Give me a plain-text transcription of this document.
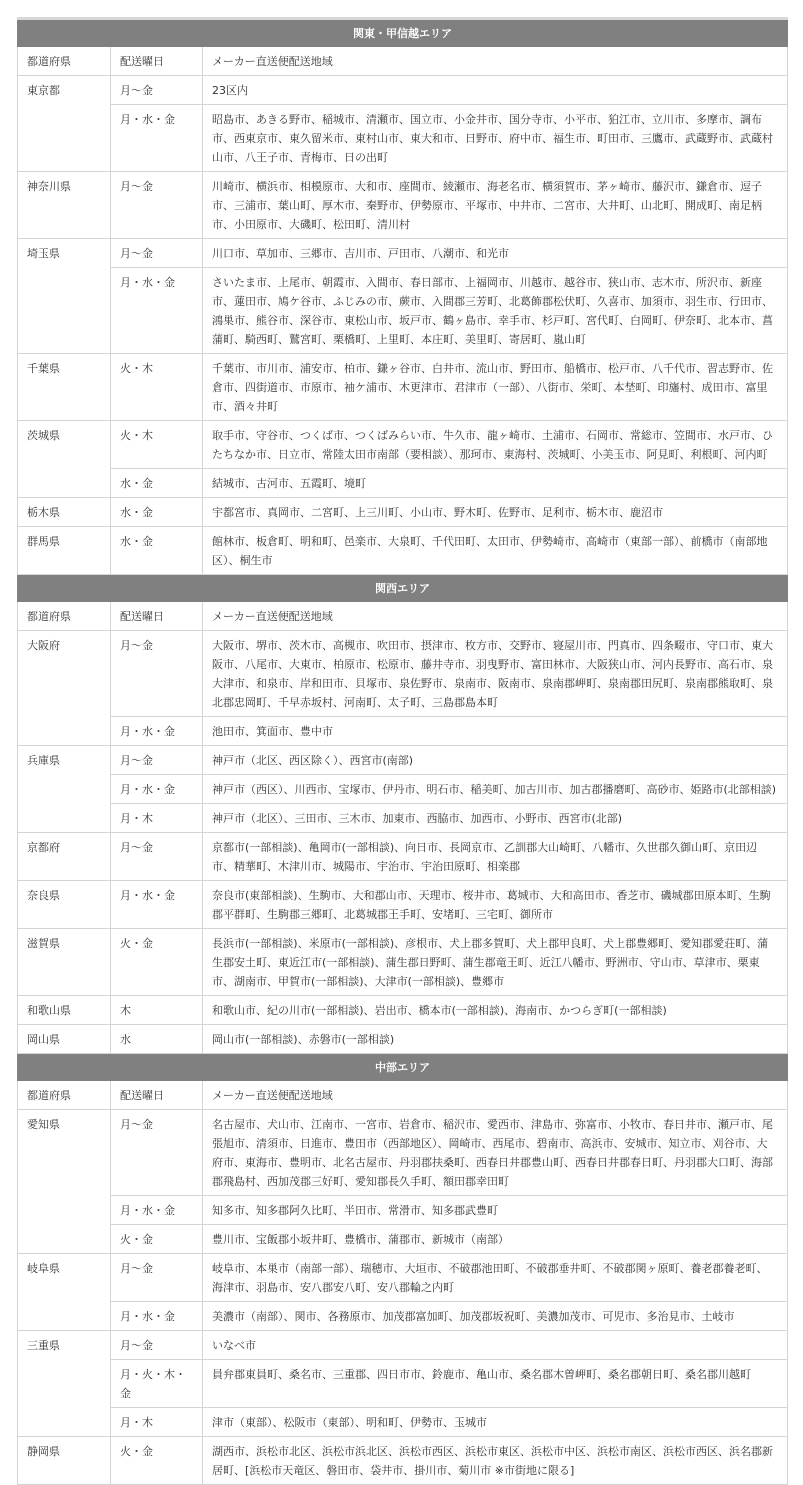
関東・甲信越エリア		
都道府県	配送曜日	メーカー直送便配送地域
東京都	月～金	23区内
	月・水・金	昭島市、あきる野市、稲城市、清瀬市、国立市、小金井市、国分寺市、小平市、狛江市、立川市、多摩市、調布市、西東京市、東久留米市、東村山市、東大和市、日野市、府中市、福生市、町田市、三鷹市、武蔵野市、武蔵村山市、八王子市、青梅市、日の出町
神奈川県	月～金	川崎市、横浜市、相模原市、大和市、座間市、綾瀬市、海老名市、横須賀市、茅ヶ崎市、藤沢市、鎌倉市、逗子市、三浦市、葉山町、厚木市、秦野市、伊勢原市、平塚市、中井市、二宮市、大井町、山北町、開成町、南足柄市、小田原市、大磯町、松田町、清川村
埼玉県	月～金	川口市、草加市、三郷市、吉川市、戸田市、八潮市、和光市
	月・水・金	さいたま市、上尾市、朝霞市、入間市、春日部市、上福岡市、川越市、越谷市、狭山市、志木市、所沢市、新座市、蓮田市、鳩ケ谷市、ふじみの市、蕨市、入間郡三芳町、北葛飾郡松伏町、久喜市、加須市、羽生市、行田市、鴻巣市、熊谷市、深谷市、東松山市、坂戸市、鶴ヶ島市、幸手市、杉戸町、宮代町、白岡町、伊奈町、北本市、菖蒲町、騎西町、鷲宮町、栗橋町、上里町、本庄町、美里町、寄居町、嵐山町
千葉県	火・木	千葉市、市川市、浦安市、柏市、鎌ヶ谷市、白井市、流山市、野田市、船橋市、松戸市、八千代市、習志野市、佐倉市、四街道市、市原市、袖ケ浦市、木更津市、君津市（一部）、八街市、栄町、本埜町、印旛村、成田市、富里市、酒々井町
茨城県	火・木	取手市、守谷市、つくば市、つくばみらい市、牛久市、龍ヶ崎市、土浦市、石岡市、常総市、笠間市、水戸市、ひたちなか市、日立市、常陸太田市南部（要相談）、那珂市、東海村、茨城町、小美玉市、阿見町、利根町、河内町
	水・金	結城市、古河市、五霞町、境町
栃木県	水・金	宇都宮市、真岡市、二宮町、上三川町、小山市、野木町、佐野市、足利市、栃木市、鹿沼市
群馬県	水・金	館林市、板倉町、明和町、邑楽市、大泉町、千代田町、太田市、伊勢崎市、高崎市（東部一部）、前橋市（南部地区）、桐生市
関西エリア		
都道府県	配送曜日	メーカー直送便配送地域
大阪府	月～金	大阪市、堺市、茨木市、高槻市、吹田市、摂津市、枚方市、交野市、寝屋川市、門真市、四条畷市、守口市、東大阪市、八尾市、大東市、柏原市、松原市、藤井寺市、羽曳野市、富田林市、大阪狭山市、河内長野市、高石市、泉大津市、和泉市、岸和田市、貝塚市、泉佐野市、泉南市、阪南市、泉南郡岬町、泉南郡田尻町、泉南郡熊取町、泉北郡忠岡町、千早赤坂村、河南町、太子町、三島郡島本町
	月・水・金	池田市、箕面市、豊中市
兵庫県	月～金	神戸市（北区、西区除く）、西宮市(南部)
	月・水・金	神戸市（西区）、川西市、宝塚市、伊丹市、明石市、稲美町、加古川市、加古郡播磨町、高砂市、姫路市(北部相談)
	月・木	神戸市（北区）、三田市、三木市、加東市、西脇市、加西市、小野市、西宮市(北部)
京都府	月～金	京都市(一部相談)、亀岡市(一部相談)、向日市、長岡京市、乙訓郡大山崎町、八幡市、久世郡久御山町、京田辺市、精華町、木津川市、城陽市、宇治市、宇治田原町、相楽郡
奈良県	月・水・金	奈良市(東部相談)、生駒市、大和郡山市、天理市、桜井市、葛城市、大和高田市、香芝市、磯城郡田原本町、生駒郡平群町、生駒郡三郷町、北葛城郡王手町、安堵町、三宅町、御所市
滋賀県	火・金	長浜市(一部相談)、米原市(一部相談)、彦根市、犬上郡多賀町、犬上郡甲良町、犬上郡豊郷町、愛知郡愛荘町、蒲生郡安土町、東近江市(一部相談)、蒲生郡日野町、蒲生郡竜王町、近江八幡市、野洲市、守山市、草津市、栗東市、湖南市、甲賀市(一部相談)、大津市(一部相談)、豊郷市
和歌山県	木	和歌山市、紀の川市(一部相談)、岩出市、橋本市(一部相談)、海南市、かつらぎ町(一部相談)
岡山県	水	岡山市(一部相談)、赤磐市(一部相談)
中部エリア		
都道府県	配送曜日	メーカー直送便配送地域
愛知県	月～金	名古屋市、犬山市、江南市、一宮市、岩倉市、稲沢市、愛西市、津島市、弥富市、小牧市、春日井市、瀬戸市、尾張旭市、清須市、日進市、豊田市（西部地区）、岡崎市、西尾市、碧南市、高浜市、安城市、知立市、刈谷市、大府市、東海市、豊明市、北名古屋市、丹羽郡扶桑町、西春日井郡豊山町、西春日井郡春日町、丹羽郡大口町、海部郡飛島村、西加茂郡三好町、愛知郡長久手町、額田郡幸田町
	月・水・金	知多市、知多郡阿久比町、半田市、常滑市、知多郡武豊町
	火・金	豊川市、宝飯郡小坂井町、豊橋市、蒲郡市、新城市（南部）
岐阜県	月～金	岐阜市、本巣市（南部一部）、瑞穂市、大垣市、不破郡池田町、不破郡垂井町、不破郡関ヶ原町、養老郡養老町、海津市、羽島市、安八郡安八町、安八郡輪之内町
	月・水・金	美濃市（南部）、関市、各務原市、加茂郡富加町、加茂郡坂祝町、美濃加茂市、可児市、多治見市、土岐市
三重県	月～金	いなべ市
	月・火・木・金	員弁郡東員町、桑名市、三重郡、四日市市、鈴鹿市、亀山市、桑名郡木曽岬町、桑名郡朝日町、桑名郡川越町
	月・木	津市（東部）、松阪市（東部）、明和町、伊勢市、玉城市
静岡県	火・金	湖西市、浜松市北区、浜松市浜北区、浜松市西区、浜松市東区、浜松市中区、浜松市南区、浜松市西区、浜名郡新居町、[浜松市天竜区、磐田市、袋井市、掛川市、菊川市 ※市街地に限る]
